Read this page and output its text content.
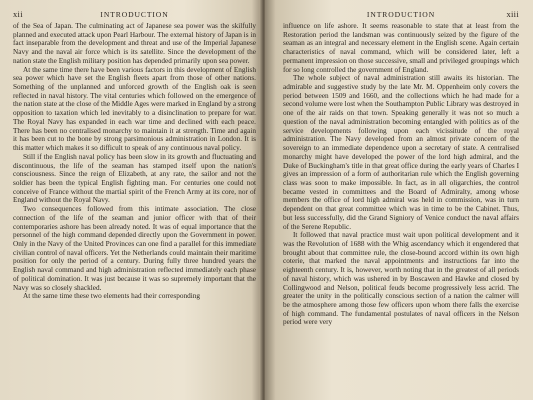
xii	INTRODUCTION

of the Sea of Japan. The culminating act of Japanese sea power was the skilfully planned and executed attack upon Pearl Harbour. The external history of Japan is in fact inseparable from the development and threat and use of the Imperial Japanese Navy and the naval air force which is its satellite. Since the development of the nation state the English military position has depended primarily upon sea power.

At the same time there have been various factors in this development of English sea power which have set the English fleets apart from those of other nations. Something of the unplanned and unforced growth of the English oak is seen reflected in naval history. The vital centuries which followed on the emergence of the nation state at the close of the Middle Ages were marked in England by a strong opposition to taxation which led inevitably to a disinclination to prepare for war. The Royal Navy has expanded in each war time and declined with each peace. There has been no centralised monarchy to maintain it at strength. Time and again it has been cut to the bone by strong parsimonious administration in London. It is this matter which makes it so difficult to speak of any continuous naval policy.

Still if the English naval policy has been slow in its growth and fluctuating and discontinuous, the life of the seaman has stamped itself upon the nation's consciousness. Since the reign of Elizabeth, at any rate, the sailor and not the soldier has been the typical English fighting man. For centuries one could not conceive of France without the martial spirit of the French Army at its core, nor of England without the Royal Navy.

Two consequences followed from this intimate association. The close connection of the life of the seaman and junior officer with that of their contemporaries ashore has been already noted. It was of equal importance that the personnel of the high command depended directly upon the Government in power. Only in the Navy of the United Provinces can one find a parallel for this immediate civilian control of naval officers. Yet the Netherlands could maintain their maritime position for only the period of a century. During fully three hundred years the English naval command and high administration reflected immediately each phase of political domination. It was just because it was so supremely important that the Navy was so closely shackled.

At the same time these two elements had their corresponding

INTRODUCTION	xiii

influence on life ashore. It seems reasonable to state that at least from the Restoration period the landsman was continuously seized by the figure of the seaman as an integral and necessary element in the English scene. Again certain characteristics of naval command, which will be considered later, left a permanent impression on those successive, small and privileged groupings which for so long controlled the government of England.

The whole subject of naval administration still awaits its historian. The admirable and suggestive study by the late Mr. M. Oppenheim only covers the period between 1509 and 1660, and the collections which he had made for a second volume were lost when the Southampton Public Library was destroyed in one of the air raids on that town. Speaking generally it was not so much a question of the naval administration becoming entangled with politics as of the service developments following upon each vicissitude of the royal administration. The Navy developed from an almost private concern of the sovereign to an immediate dependence upon a secretary of state. A centralised monarchy might have developed the power of the lord high admiral, and the Duke of Buckingham's title in that great office during the early years of Charles I gives an impression of a form of authoritarian rule which the English governing class was soon to make impossible. In fact, as in all oligarchies, the control became vested in committees and the Board of Admiralty, among whose members the office of lord high admiral was held in commission, was in turn dependent on that great committee which was in time to be the Cabinet. Thus, but less successfully, did the Grand Signiory of Venice conduct the naval affairs of the Serene Republic.

It followed that naval practice must wait upon political development and it was the Revolution of 1688 with the Whig ascendancy which it engendered that brought about that committee rule, the close-bound accord within its own high coterie, that marked the naval appointments and instructions far into the eighteenth century. It is, however, worth noting that in the greatest of all periods of naval history, which was ushered in by Boscawen and Hawke and closed by Collingwood and Nelson, political feuds become progressively less acrid. The greater the unity in the politically conscious section of a nation the calmer will be the atmosphere among those few officers upon whom there falls the exercise of high command. The fundamental postulates of naval officers in the Nelson period were very
